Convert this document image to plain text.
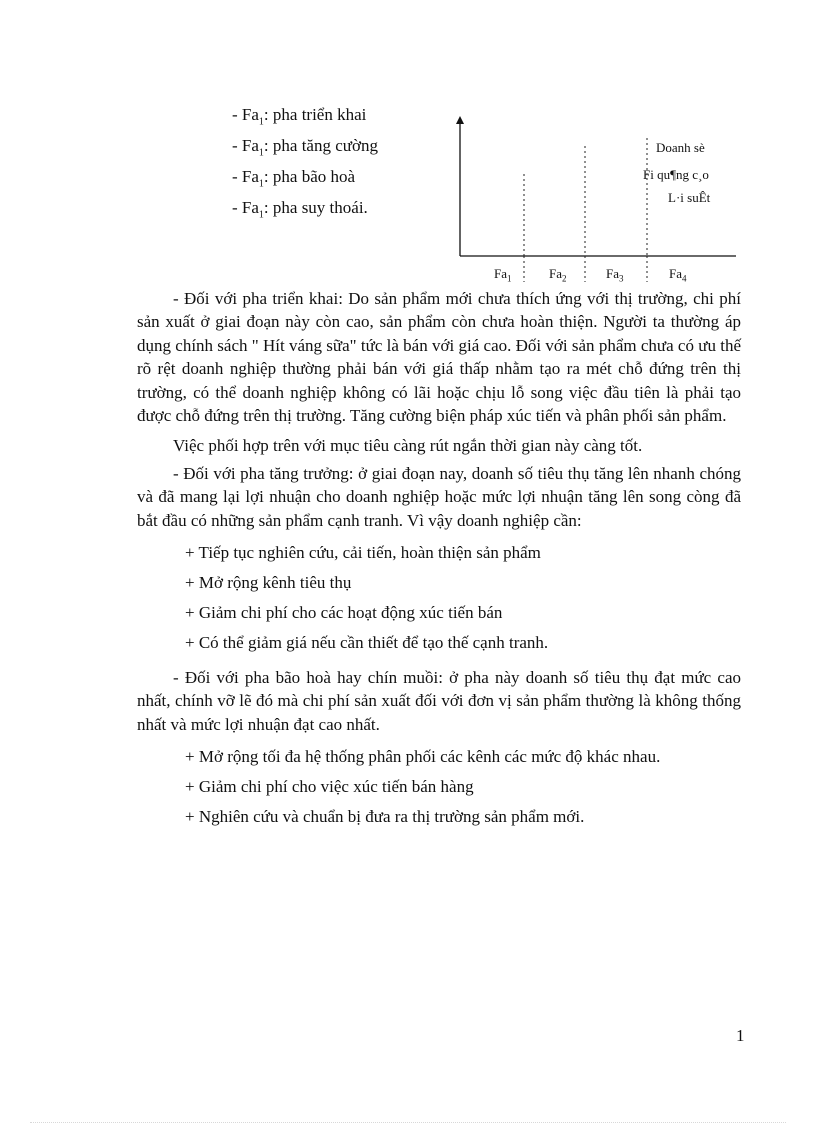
- $Fa_1$: pha triển khai
- $Fa_1$: pha tăng cường
- $Fa_1$: pha bão hoà
- $Fa_1$: pha suy thoái.
Doanh sè
Fi qu¶ng c¸o
L·i suÊt
$Fa_1$	$Fa_2$	$Fa_3$	$Fa_4$

- Đối với pha triển khai: Do sản phẩm mới chưa thích ứng với thị trường, chi phí sản xuất ở giai đoạn này còn cao, sản phẩm còn chưa hoàn thiện. Người ta thường áp dụng chính sách " Hít váng sữa" tức là bán với giá cao. Đối với sản phẩm chưa có ưu thế rõ rệt doanh nghiệp thường phải bán với giá thấp nhằm tạo ra mét chỗ đứng trên thị trường, có thể doanh nghiệp không có lãi hoặc chịu lỗ song việc đầu tiên là phải tạo được chỗ đứng trên thị trường. Tăng cường biện pháp xúc tiến và phân phối sản phẩm.

Việc phối hợp trên với mục tiêu càng rút ngắn thời gian này càng tốt.

- Đối với pha tăng trưởng: ở giai đoạn nay, doanh số tiêu thụ tăng lên nhanh chóng và đã mang lại lợi nhuận cho doanh nghiệp hoặc mức lợi nhuận tăng lên song còng đã bắt đầu có những sản phẩm cạnh tranh. Vì vậy doanh nghiệp cần:

+ Tiếp tục nghiên cứu, cải tiến, hoàn thiện sản phẩm
+ Mở rộng kênh tiêu thụ
+ Giảm chi phí cho các hoạt động xúc tiến bán
+ Có thể giảm giá nếu cần thiết để tạo thế cạnh tranh.

- Đối với pha bão hoà hay chín muồi: ở pha này doanh số tiêu thụ đạt mức cao nhất, chính vỡ lẽ đó mà chi phí sản xuất đối với đơn vị sản phẩm thường là không thống nhất và mức lợi nhuận đạt cao nhất.

+ Mở rộng tối đa hệ thống phân phối các kênh các mức độ khác nhau.
+ Giảm chi phí cho việc xúc tiến bán hàng
+ Nghiên cứu và chuẩn bị đưa ra thị trường sản phẩm mới.
1
